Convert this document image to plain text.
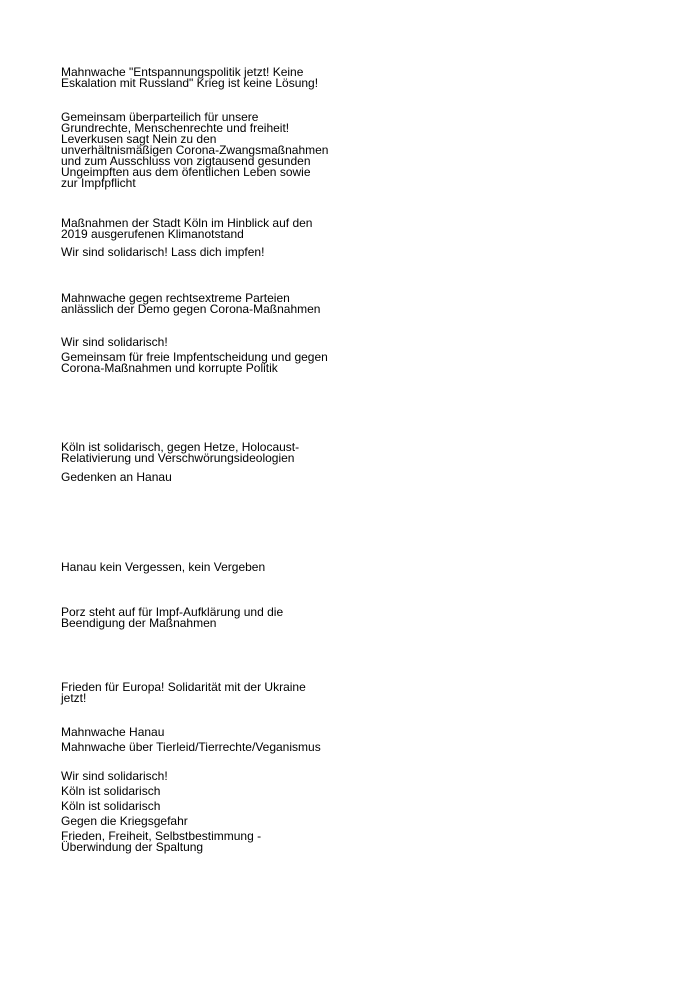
Mahnwache "Entspannungspolitik jetzt! Keine
Eskalation mit Russland" Krieg ist keine Lösung!

Gemeinsam überparteilich für unsere
Grundrechte, Menschenrechte und freiheit!
Leverkusen sagt Nein zu den
unverhältnismäßigen Corona-Zwangsmaßnahmen
und zum Ausschluss von zigtausend gesunden
Ungeimpften aus dem öfentlichen Leben sowie
zur Impfpflicht

Maßnahmen der Stadt Köln im Hinblick auf den
2019 ausgerufenen Klimanotstand

Wir sind solidarisch! Lass dich impfen!

Mahnwache gegen rechtsextreme Parteien
anlässlich der Demo gegen Corona-Maßnahmen

Wir sind solidarisch!

Gemeinsam für freie Impfentscheidung und gegen
Corona-Maßnahmen und korrupte Politik

Köln ist solidarisch, gegen Hetze, Holocaust-
Relativierung und Verschwörungsideologien

Gedenken an Hanau

Hanau kein Vergessen, kein Vergeben

Porz steht auf für Impf-Aufklärung und die
Beendigung der Maßnahmen

Frieden für Europa! Solidarität mit der Ukraine
jetzt!

Mahnwache Hanau

Mahnwache über Tierleid/Tierrechte/Veganismus

Wir sind solidarisch!

Köln ist solidarisch

Köln ist solidarisch

Gegen die Kriegsgefahr

Frieden, Freiheit, Selbstbestimmung -
Überwindung der Spaltung
